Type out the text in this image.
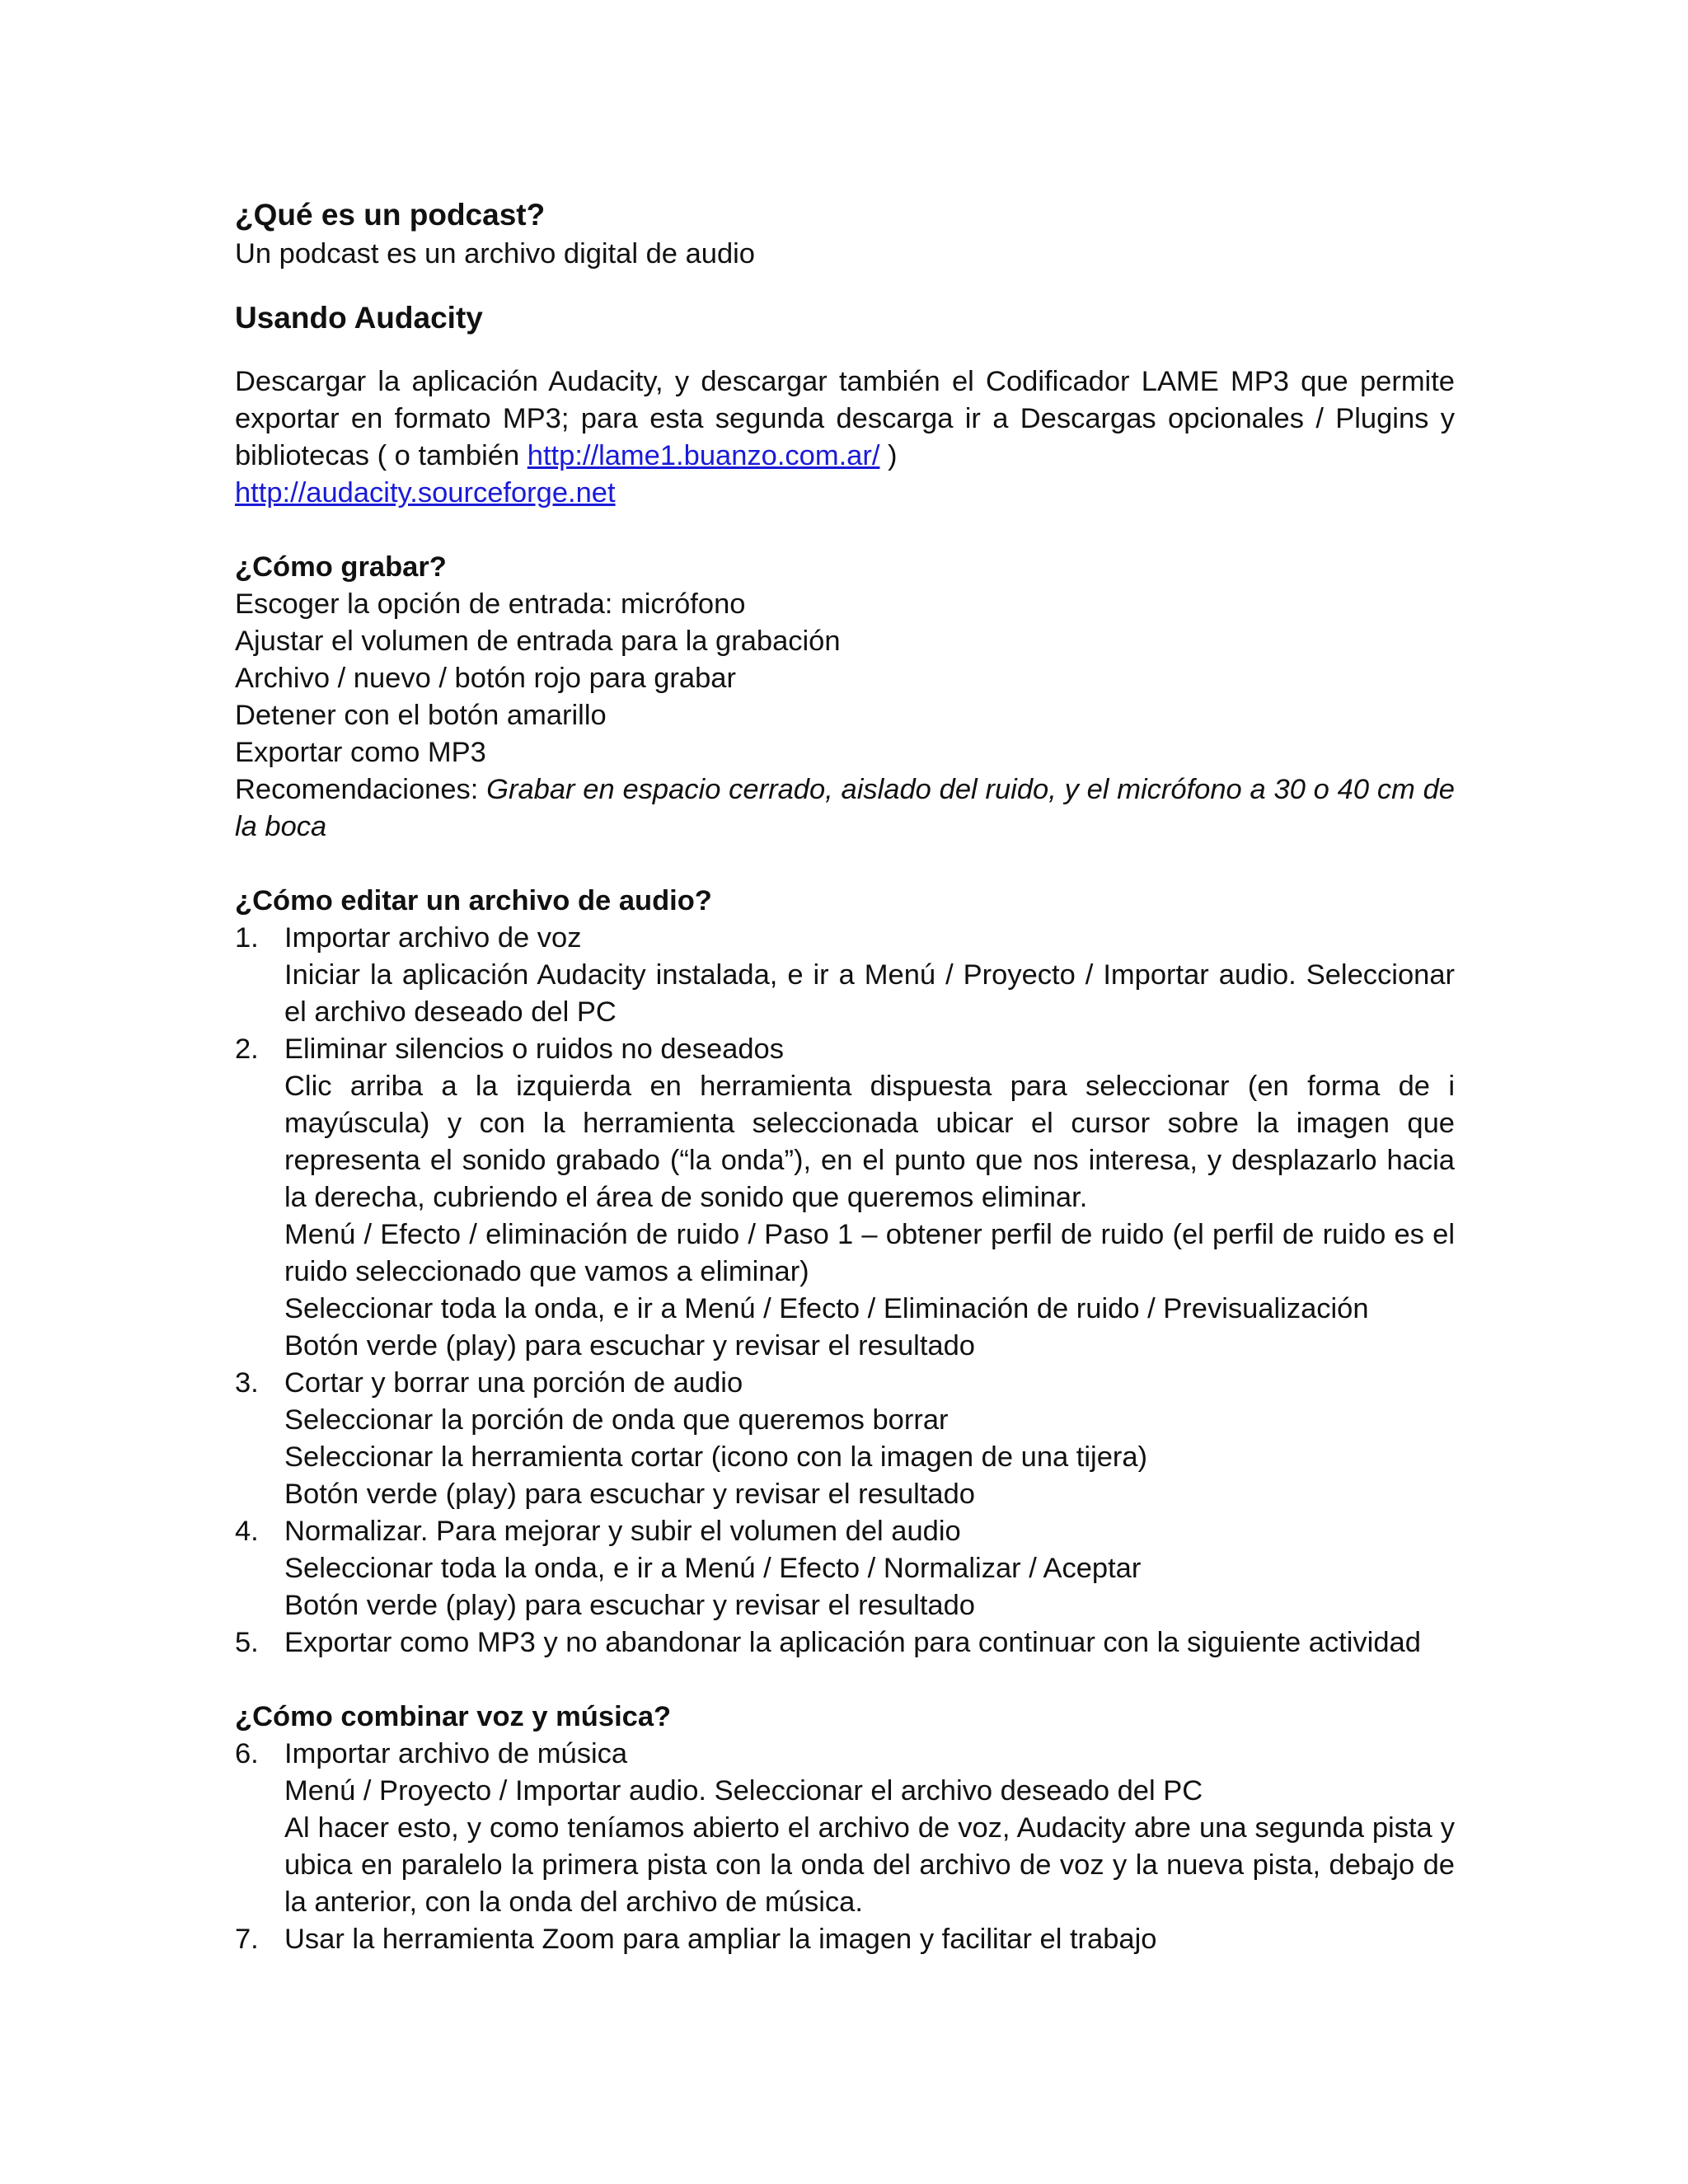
¿Qué es un podcast?

Un podcast es un archivo digital de audio

Usando Audacity

Descargar la aplicación Audacity, y descargar también el Codificador LAME MP3 que permite exportar en formato MP3; para esta segunda descarga ir a Descargas opcionales / Plugins y bibliotecas ( o también http://lame1.buanzo.com.ar/ )

http://audacity.sourceforge.net

¿Cómo grabar?

Escoger la opción de entrada: micrófono

Ajustar el volumen de entrada para la grabación

Archivo / nuevo / botón rojo para grabar

Detener con el botón amarillo

Exportar como MP3

Recomendaciones: Grabar en espacio cerrado, aislado del ruido, y el micrófono a 30 o 40 cm de la boca

¿Cómo editar un archivo de audio?

1. Importar archivo de voz
Iniciar la aplicación Audacity instalada, e ir a Menú / Proyecto / Importar audio. Seleccionar el archivo deseado del PC
2. Eliminar silencios o ruidos no deseados
Clic arriba a la izquierda en herramienta dispuesta para seleccionar (en forma de i mayúscula) y con la herramienta seleccionada ubicar el cursor sobre la imagen que representa el sonido grabado (“la onda”), en el punto que nos interesa, y desplazarlo hacia la derecha, cubriendo el área de sonido que queremos eliminar.
Menú / Efecto / eliminación de ruido / Paso 1 – obtener perfil de ruido (el perfil de ruido es el ruido seleccionado que vamos a eliminar)
Seleccionar toda la onda, e ir a Menú / Efecto / Eliminación de ruido / Previsualización
Botón verde (play) para escuchar y revisar el resultado
3. Cortar y borrar una porción de audio
Seleccionar la porción de onda que queremos borrar
Seleccionar la herramienta cortar (icono con la imagen de una tijera)
Botón verde (play) para escuchar y revisar el resultado
4. Normalizar. Para mejorar y subir el volumen del audio
Seleccionar toda la onda, e ir a Menú / Efecto / Normalizar / Aceptar
Botón verde (play) para escuchar y revisar el resultado
5. Exportar como MP3 y no abandonar la aplicación para continuar con la siguiente actividad

¿Cómo combinar voz y música?

6. Importar archivo de música
Menú / Proyecto / Importar audio. Seleccionar el archivo deseado del PC
Al hacer esto, y como teníamos abierto el archivo de voz, Audacity abre una segunda pista y ubica en paralelo la primera pista con la onda del archivo de voz y la nueva pista, debajo de la anterior, con la onda del archivo de música.
7. Usar la herramienta Zoom para ampliar la imagen y facilitar el trabajo
